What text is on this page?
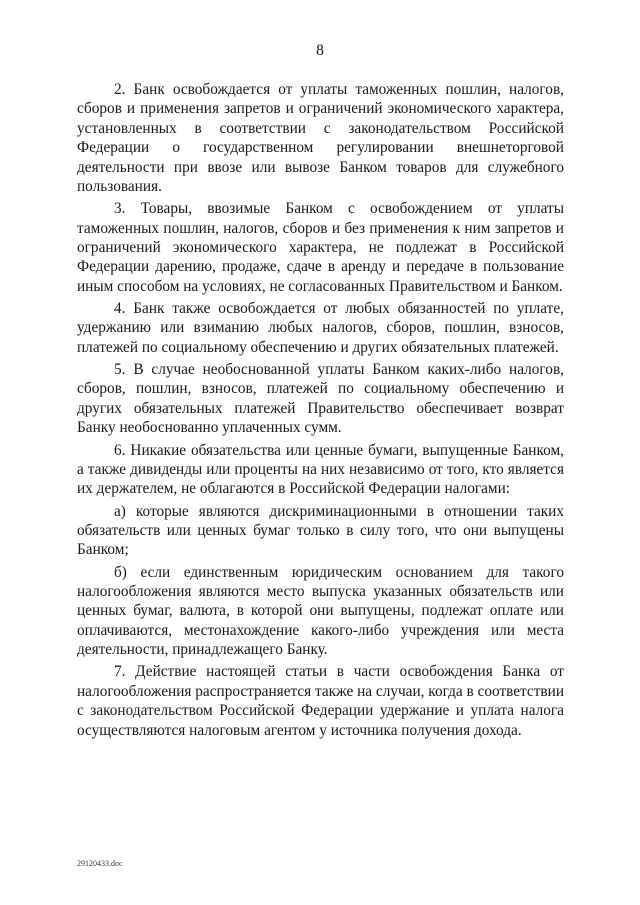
8

2. Банк освобождается от уплаты таможенных пошлин, налогов, сборов и применения запретов и ограничений экономического характера, установленных в соответствии с законодательством Российской Федерации о государственном регулировании внешнеторговой деятельности при ввозе или вывозе Банком товаров для служебного пользования.

3. Товары, ввозимые Банком с освобождением от уплаты таможенных пошлин, налогов, сборов и без применения к ним запретов и ограничений экономического характера, не подлежат в Российской Федерации дарению, продаже, сдаче в аренду и передаче в пользование иным способом на условиях, не согласованных Правительством и Банком.

4. Банк также освобождается от любых обязанностей по уплате, удержанию или взиманию любых налогов, сборов, пошлин, взносов, платежей по социальному обеспечению и других обязательных платежей.

5. В случае необоснованной уплаты Банком каких-либо налогов, сборов, пошлин, взносов, платежей по социальному обеспечению и других обязательных платежей Правительство обеспечивает возврат Банку необоснованно уплаченных сумм.

6. Никакие обязательства или ценные бумаги, выпущенные Банком, а также дивиденды или проценты на них независимо от того, кто является их держателем, не облагаются в Российской Федерации налогами:

а) которые являются дискриминационными в отношении таких обязательств или ценных бумаг только в силу того, что они выпущены Банком;

б) если единственным юридическим основанием для такого налогообложения являются место выпуска указанных обязательств или ценных бумаг, валюта, в которой они выпущены, подлежат оплате или оплачиваются, местонахождение какого-либо учреждения или места деятельности, принадлежащего Банку.

7. Действие настоящей статьи в части освобождения Банка от налогообложения распространяется также на случаи, когда в соответствии с законодательством Российской Федерации удержание и уплата налога осуществляются налоговым агентом у источника получения дохода.

29120433.doc
